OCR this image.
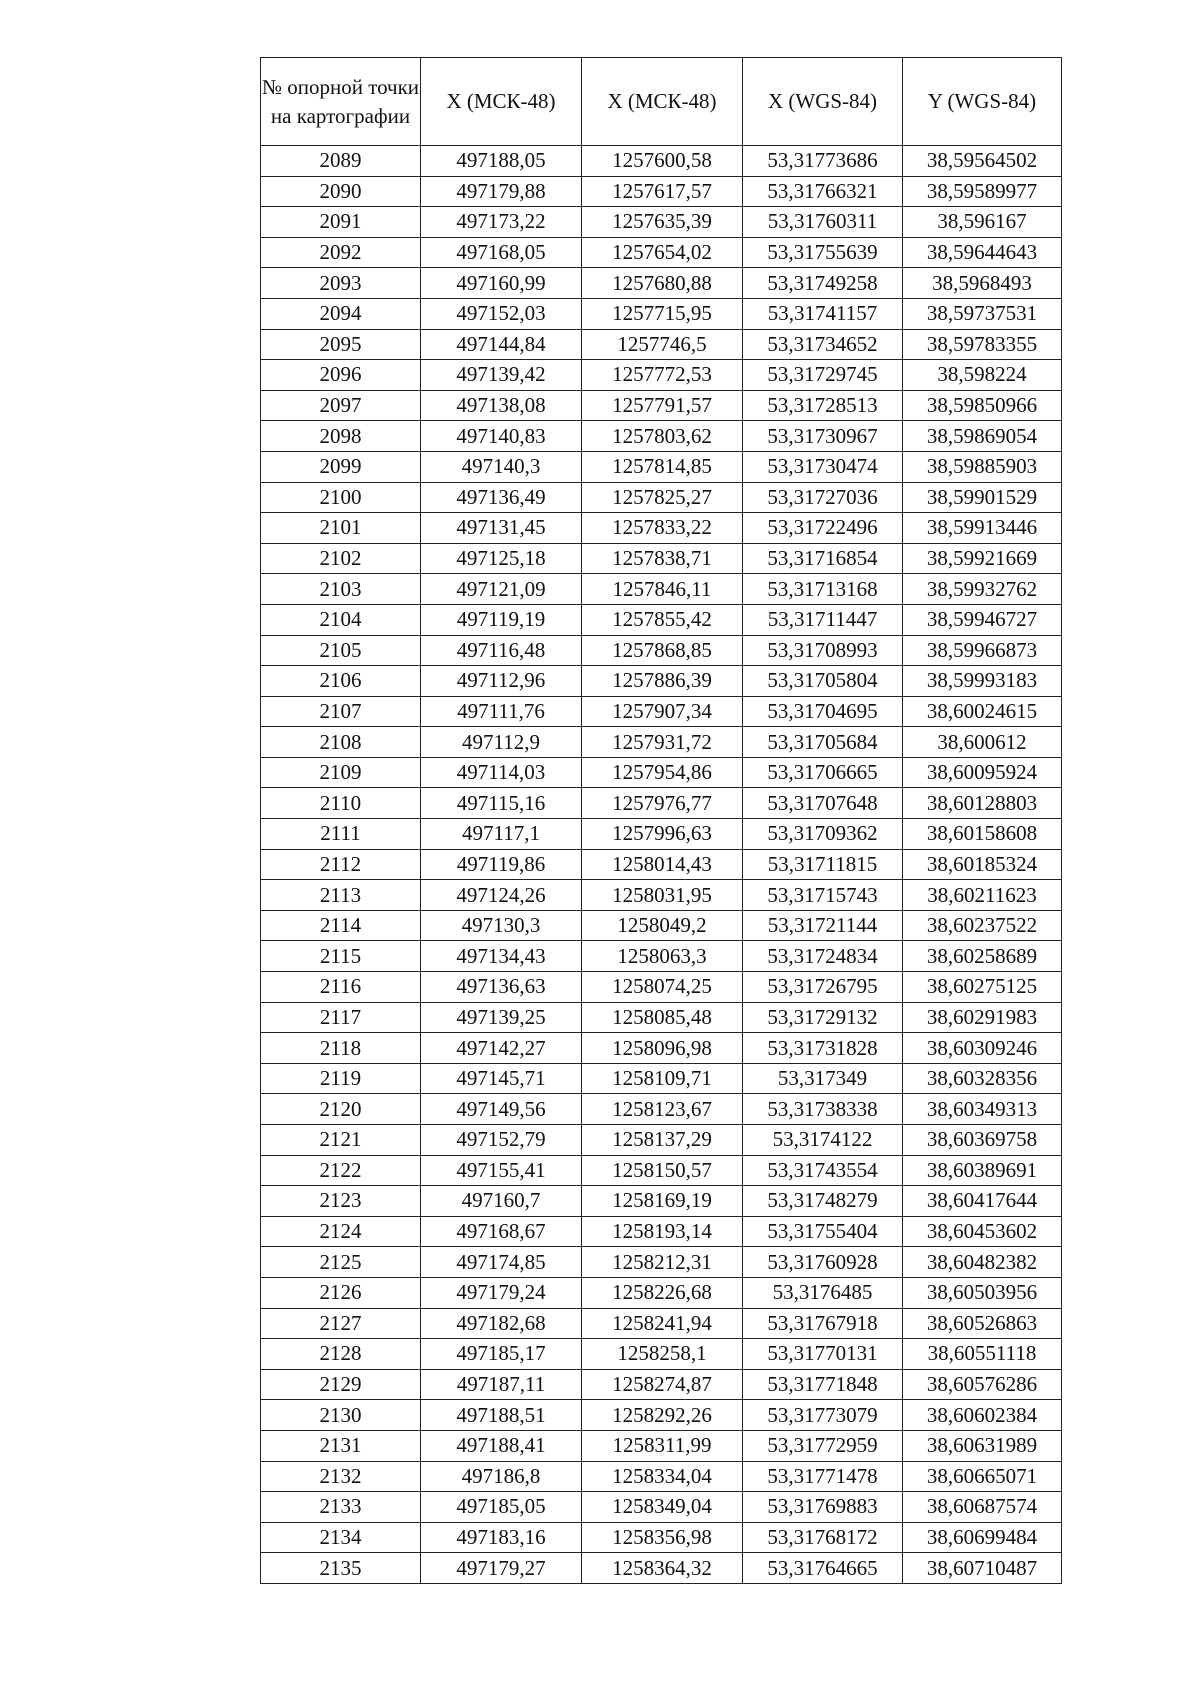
№ опорной точки на картографии	X (МСК-48)	X (МСК-48)	X (WGS-84)	Y (WGS-84)
2089	497188,05	1257600,58	53,31773686	38,59564502
2090	497179,88	1257617,57	53,31766321	38,59589977
2091	497173,22	1257635,39	53,31760311	38,596167
2092	497168,05	1257654,02	53,31755639	38,59644643
2093	497160,99	1257680,88	53,31749258	38,5968493
2094	497152,03	1257715,95	53,31741157	38,59737531
2095	497144,84	1257746,5	53,31734652	38,59783355
2096	497139,42	1257772,53	53,31729745	38,598224
2097	497138,08	1257791,57	53,31728513	38,59850966
2098	497140,83	1257803,62	53,31730967	38,59869054
2099	497140,3	1257814,85	53,31730474	38,59885903
2100	497136,49	1257825,27	53,31727036	38,59901529
2101	497131,45	1257833,22	53,31722496	38,59913446
2102	497125,18	1257838,71	53,31716854	38,59921669
2103	497121,09	1257846,11	53,31713168	38,59932762
2104	497119,19	1257855,42	53,31711447	38,59946727
2105	497116,48	1257868,85	53,31708993	38,59966873
2106	497112,96	1257886,39	53,31705804	38,59993183
2107	497111,76	1257907,34	53,31704695	38,60024615
2108	497112,9	1257931,72	53,31705684	38,600612
2109	497114,03	1257954,86	53,31706665	38,60095924
2110	497115,16	1257976,77	53,31707648	38,60128803
2111	497117,1	1257996,63	53,31709362	38,60158608
2112	497119,86	1258014,43	53,31711815	38,60185324
2113	497124,26	1258031,95	53,31715743	38,60211623
2114	497130,3	1258049,2	53,31721144	38,60237522
2115	497134,43	1258063,3	53,31724834	38,60258689
2116	497136,63	1258074,25	53,31726795	38,60275125
2117	497139,25	1258085,48	53,31729132	38,60291983
2118	497142,27	1258096,98	53,31731828	38,60309246
2119	497145,71	1258109,71	53,317349	38,60328356
2120	497149,56	1258123,67	53,31738338	38,60349313
2121	497152,79	1258137,29	53,3174122	38,60369758
2122	497155,41	1258150,57	53,31743554	38,60389691
2123	497160,7	1258169,19	53,31748279	38,60417644
2124	497168,67	1258193,14	53,31755404	38,60453602
2125	497174,85	1258212,31	53,31760928	38,60482382
2126	497179,24	1258226,68	53,3176485	38,60503956
2127	497182,68	1258241,94	53,31767918	38,60526863
2128	497185,17	1258258,1	53,31770131	38,60551118
2129	497187,11	1258274,87	53,31771848	38,60576286
2130	497188,51	1258292,26	53,31773079	38,60602384
2131	497188,41	1258311,99	53,31772959	38,60631989
2132	497186,8	1258334,04	53,31771478	38,60665071
2133	497185,05	1258349,04	53,31769883	38,60687574
2134	497183,16	1258356,98	53,31768172	38,60699484
2135	497179,27	1258364,32	53,31764665	38,60710487
